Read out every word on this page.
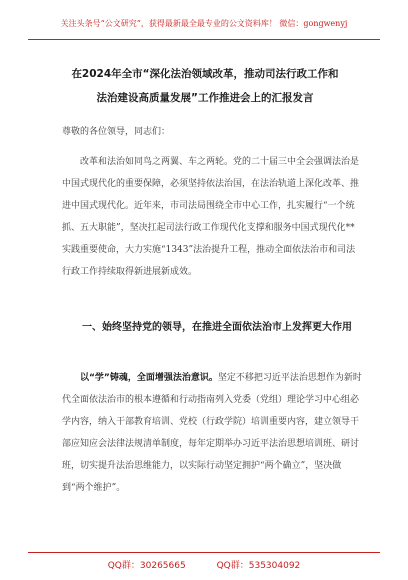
关注头条号“公文研究”，获得最新最全最专业的公文资料库！ 微信：gongwenyj
在2024年全市“深化法治领域改革，推动司法行政工作和
法治建设高质量发展”工作推进会上的汇报发言
尊敬的各位领导，同志们：
改革和法治如同鸟之两翼、车之两轮。党的二十届三中全会强调法治是中国式现代化的重要保障，必须坚持依法治国，在法治轨道上深化改革、推进中国式现代化。近年来，市司法局围绕全市中心工作，扎实履行“一个统抓、五大职能”，坚决扛起司法行政工作现代化支撑和服务中国式现代化**实践重要使命，大力实施“1343”法治提升工程，推动全面依法治市和司法行政工作持续取得新进展新成效。
一、始终坚持党的领导，在推进全面依法治市上发挥更大作用
以“学”铸魂，全面增强法治意识。坚定不移把习近平法治思想作为新时代全面依法治市的根本遵循和行动指南列入党委（党组）理论学习中心组必学内容，纳入干部教育培训、党校（行政学院）培训重要内容，建立领导干部应知应会法律法规清单制度，每年定期举办习近平法治思想培训班、研讨班，切实提升法治思维能力，以实际行动坚定拥护“两个确立”，坚决做到“两个维护”。
QQ群：30265665	QQ群：535304092
